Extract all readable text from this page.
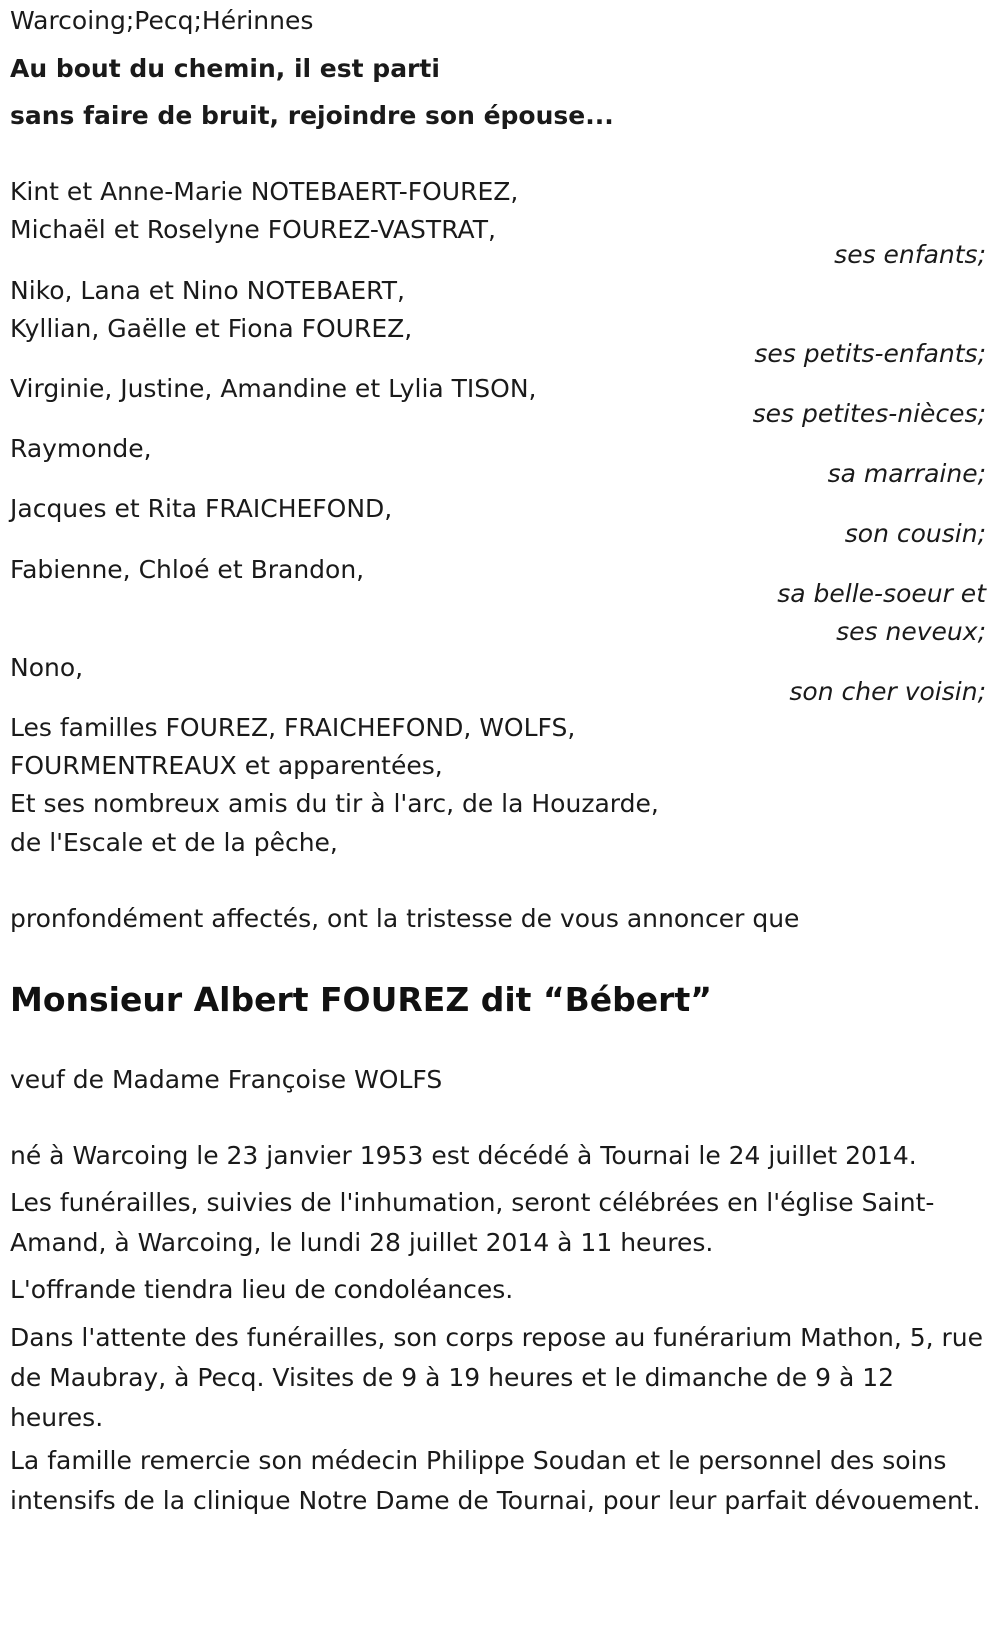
Warcoing;Pecq;Hérinnes
Au bout du chemin, il est parti
sans faire de bruit, rejoindre son épouse...
Kint et Anne-Marie NOTEBAERT-FOUREZ,
Michaël et Roselyne FOUREZ-VASTRAT,
ses enfants;
Niko, Lana et Nino NOTEBAERT,
Kyllian, Gaëlle et Fiona FOUREZ,
ses petits-enfants;
Virginie, Justine, Amandine et Lylia TISON,
ses petites-nièces;
Raymonde,
sa marraine;
Jacques et Rita FRAICHEFOND,
son cousin;
Fabienne, Chloé et Brandon,
sa belle-soeur et
ses neveux;
Nono,
son cher voisin;
Les familles FOUREZ, FRAICHEFOND, WOLFS,
FOURMENTREAUX et apparentées,
Et ses nombreux amis du tir à l'arc, de la Houzarde,
de l'Escale et de la pêche,
pronfondément affectés, ont la tristesse de vous annoncer que
Monsieur Albert FOUREZ dit “Bébert”
veuf de Madame Françoise WOLFS
né à Warcoing le 23 janvier 1953 est décédé à Tournai le 24 juillet 2014.
Les funérailles, suivies de l'inhumation, seront célébrées en l'église Saint-Amand, à Warcoing, le lundi 28 juillet 2014 à 11 heures.
L'offrande tiendra lieu de condoléances.
Dans l'attente des funérailles, son corps repose au funérarium Mathon, 5, rue de Maubray, à Pecq. Visites de 9 à 19 heures et le dimanche de 9 à 12 heures.
La famille remercie son médecin Philippe Soudan et le personnel des soins intensifs de la clinique Notre Dame de Tournai, pour leur parfait dévouement.
